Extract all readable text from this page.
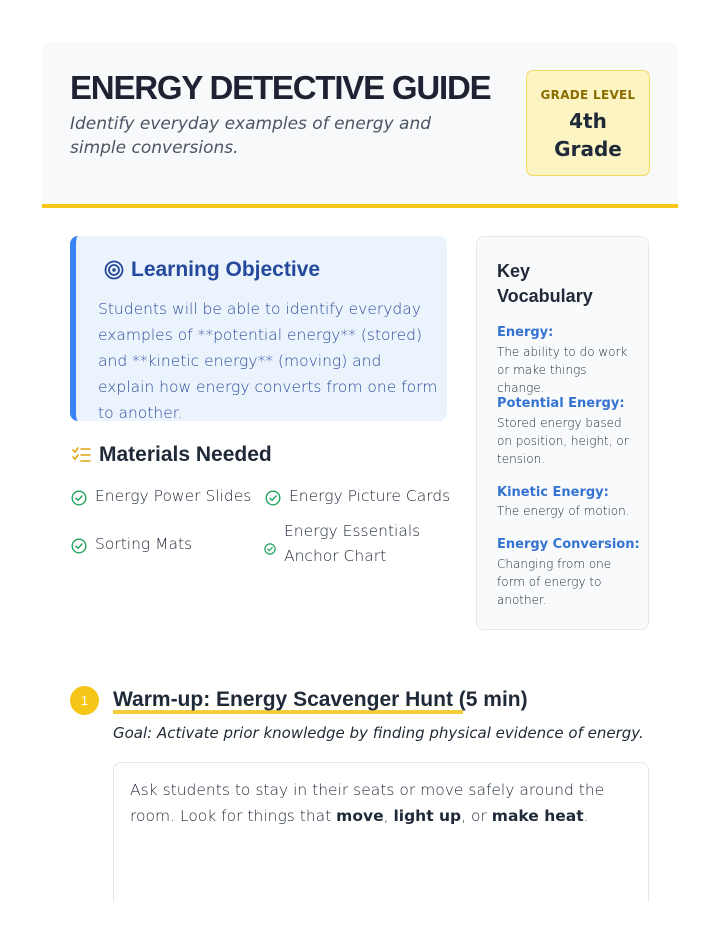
ENERGY DETECTIVE GUIDE
Identify everyday examples of energy and simple conversions.
GRADE LEVEL
4th Grade
Learning Objective
Students will be able to identify everyday examples of **potential energy** (stored) and **kinetic energy** (moving) and explain how energy converts from one form to another.
Materials Needed
Energy Power Slides Energy Picture Cards
Sorting Mats
Energy Essentials Anchor Chart
Key Vocabulary
Energy:
The ability to do work or make things change.
Potential Energy:
Stored energy based on position, height, or tension.
Kinetic Energy:
The energy of motion.
Energy Conversion:
Changing from one form of energy to another.
1	Warm-up: Energy Scavenger Hunt (5 min)
Goal: Activate prior knowledge by finding physical evidence of energy.
Ask students to stay in their seats or move safely around the room. Look for things that move, light up, or make heat.
